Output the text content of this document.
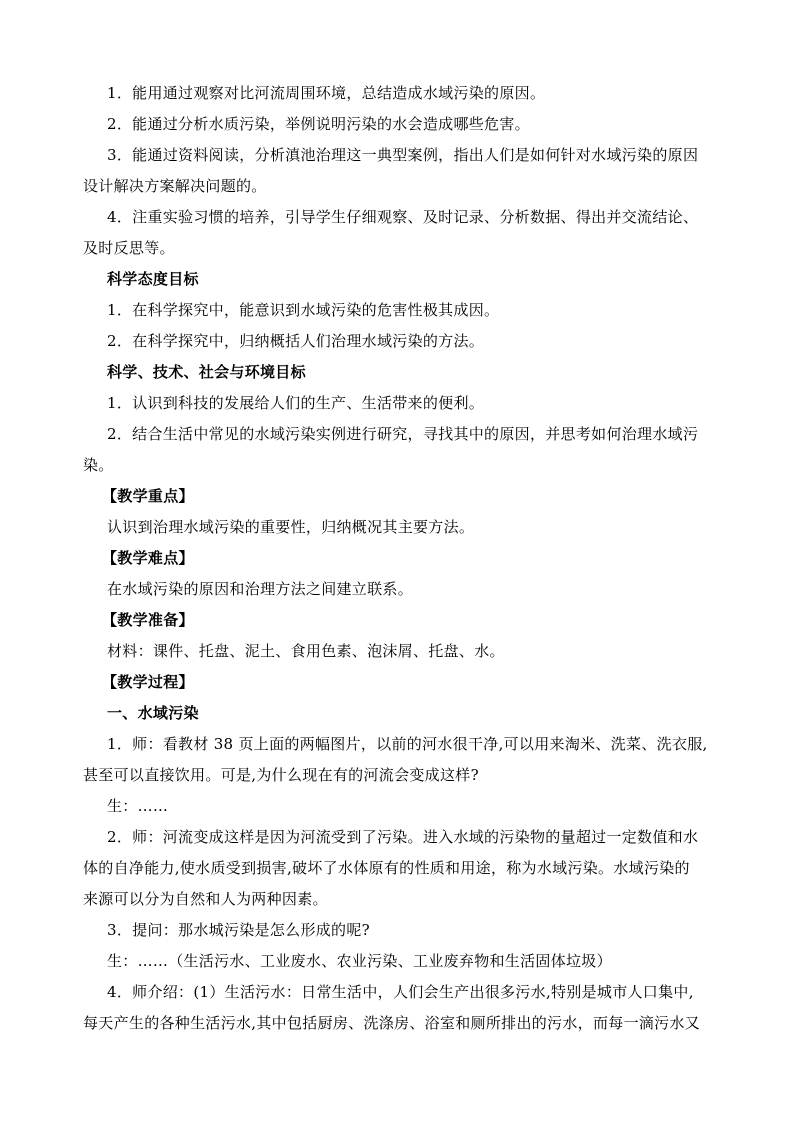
1．能用通过观察对比河流周围环境，总结造成水域污染的原因。

2．能通过分析水质污染，举例说明污染的水会造成哪些危害。

3．能通过资料阅读，分析滇池治理这一典型案例，指出人们是如何针对水域污染的原因

设计解决方案解决问题的。

4．注重实验习惯的培养，引导学生仔细观察、及时记录、分析数据、得出并交流结论、

及时反思等。

科学态度目标

1．在科学探究中，能意识到水域污染的危害性极其成因。

2．在科学探究中，归纳概括人们治理水域污染的方法。

科学、技术、社会与环境目标

1．认识到科技的发展给人们的生产、生活带来的便利。

2．结合生活中常见的水域污染实例进行研究，寻找其中的原因，并思考如何治理水域污

染。

【教学重点】

认识到治理水域污染的重要性，归纳概况其主要方法。

【教学难点】

在水域污染的原因和治理方法之间建立联系。

【教学准备】

材料：课件、托盘、泥土、食用色素、泡沫屑、托盘、水。

【教学过程】

一、水域污染

1．师：看教材 38 页上面的两幅图片，以前的河水很干净,可以用来淘米、洗菜、洗衣服,

甚至可以直接饮用。可是,为什么现在有的河流会变成这样?

生：……

2．师：河流变成这样是因为河流受到了污染。进入水域的污染物的量超过一定数值和水

体的自净能力,使水质受到损害,破坏了水体原有的性质和用途，称为水域污染。水域污染的

来源可以分为自然和人为两种因素。

3．提问：那水城污染是怎么形成的呢?

生：……（生活污水、工业废水、农业污染、工业废弃物和生活固体垃圾）

4．师介绍：(1）生活污水：日常生活中，人们会生产出很多污水,特别是城市人口集中,

每天产生的各种生活污水,其中包括厨房、洗涤房、浴室和厕所排出的污水，而每一滴污水又
